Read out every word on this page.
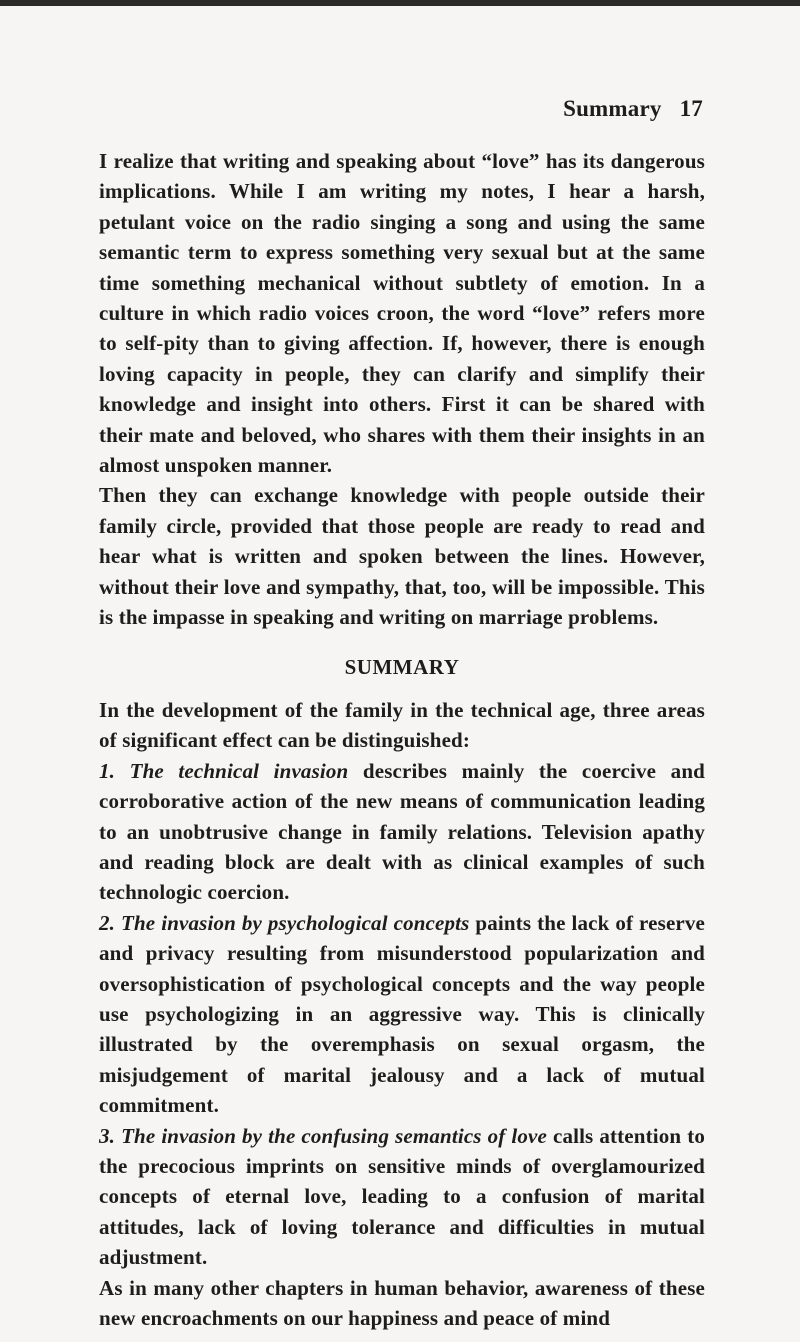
Summary 17

I realize that writing and speaking about “love” has its dangerous implications. While I am writing my notes, I hear a harsh, petulant voice on the radio singing a song and using the same semantic term to express something very sexual but at the same time something mechanical without subtlety of emotion. In a culture in which radio voices croon, the word “love” refers more to self-pity than to giving affection. If, however, there is enough loving capacity in people, they can clarify and simplify their knowledge and insight into others. First it can be shared with their mate and beloved, who shares with them their insights in an almost unspoken manner.

Then they can exchange knowledge with people outside their family circle, provided that those people are ready to read and hear what is written and spoken between the lines. However, without their love and sympathy, that, too, will be impossible. This is the impasse in speaking and writing on marriage problems.

SUMMARY

In the development of the family in the technical age, three areas of significant effect can be distinguished:

1. The technical invasion describes mainly the coercive and corroborative action of the new means of communication leading to an unobtrusive change in family relations. Television apathy and reading block are dealt with as clinical examples of such technologic coercion.

2. The invasion by psychological concepts paints the lack of reserve and privacy resulting from misunderstood popularization and oversophistication of psychological concepts and the way people use psychologizing in an aggressive way. This is clinically illustrated by the overemphasis on sexual orgasm, the misjudgement of marital jealousy and a lack of mutual commitment.

3. The invasion by the confusing semantics of love calls attention to the precocious imprints on sensitive minds of overglamourized concepts of eternal love, leading to a confusion of marital attitudes, lack of loving tolerance and difficulties in mutual adjustment.

As in many other chapters in human behavior, awareness of these new encroachments on our happiness and peace of mind
